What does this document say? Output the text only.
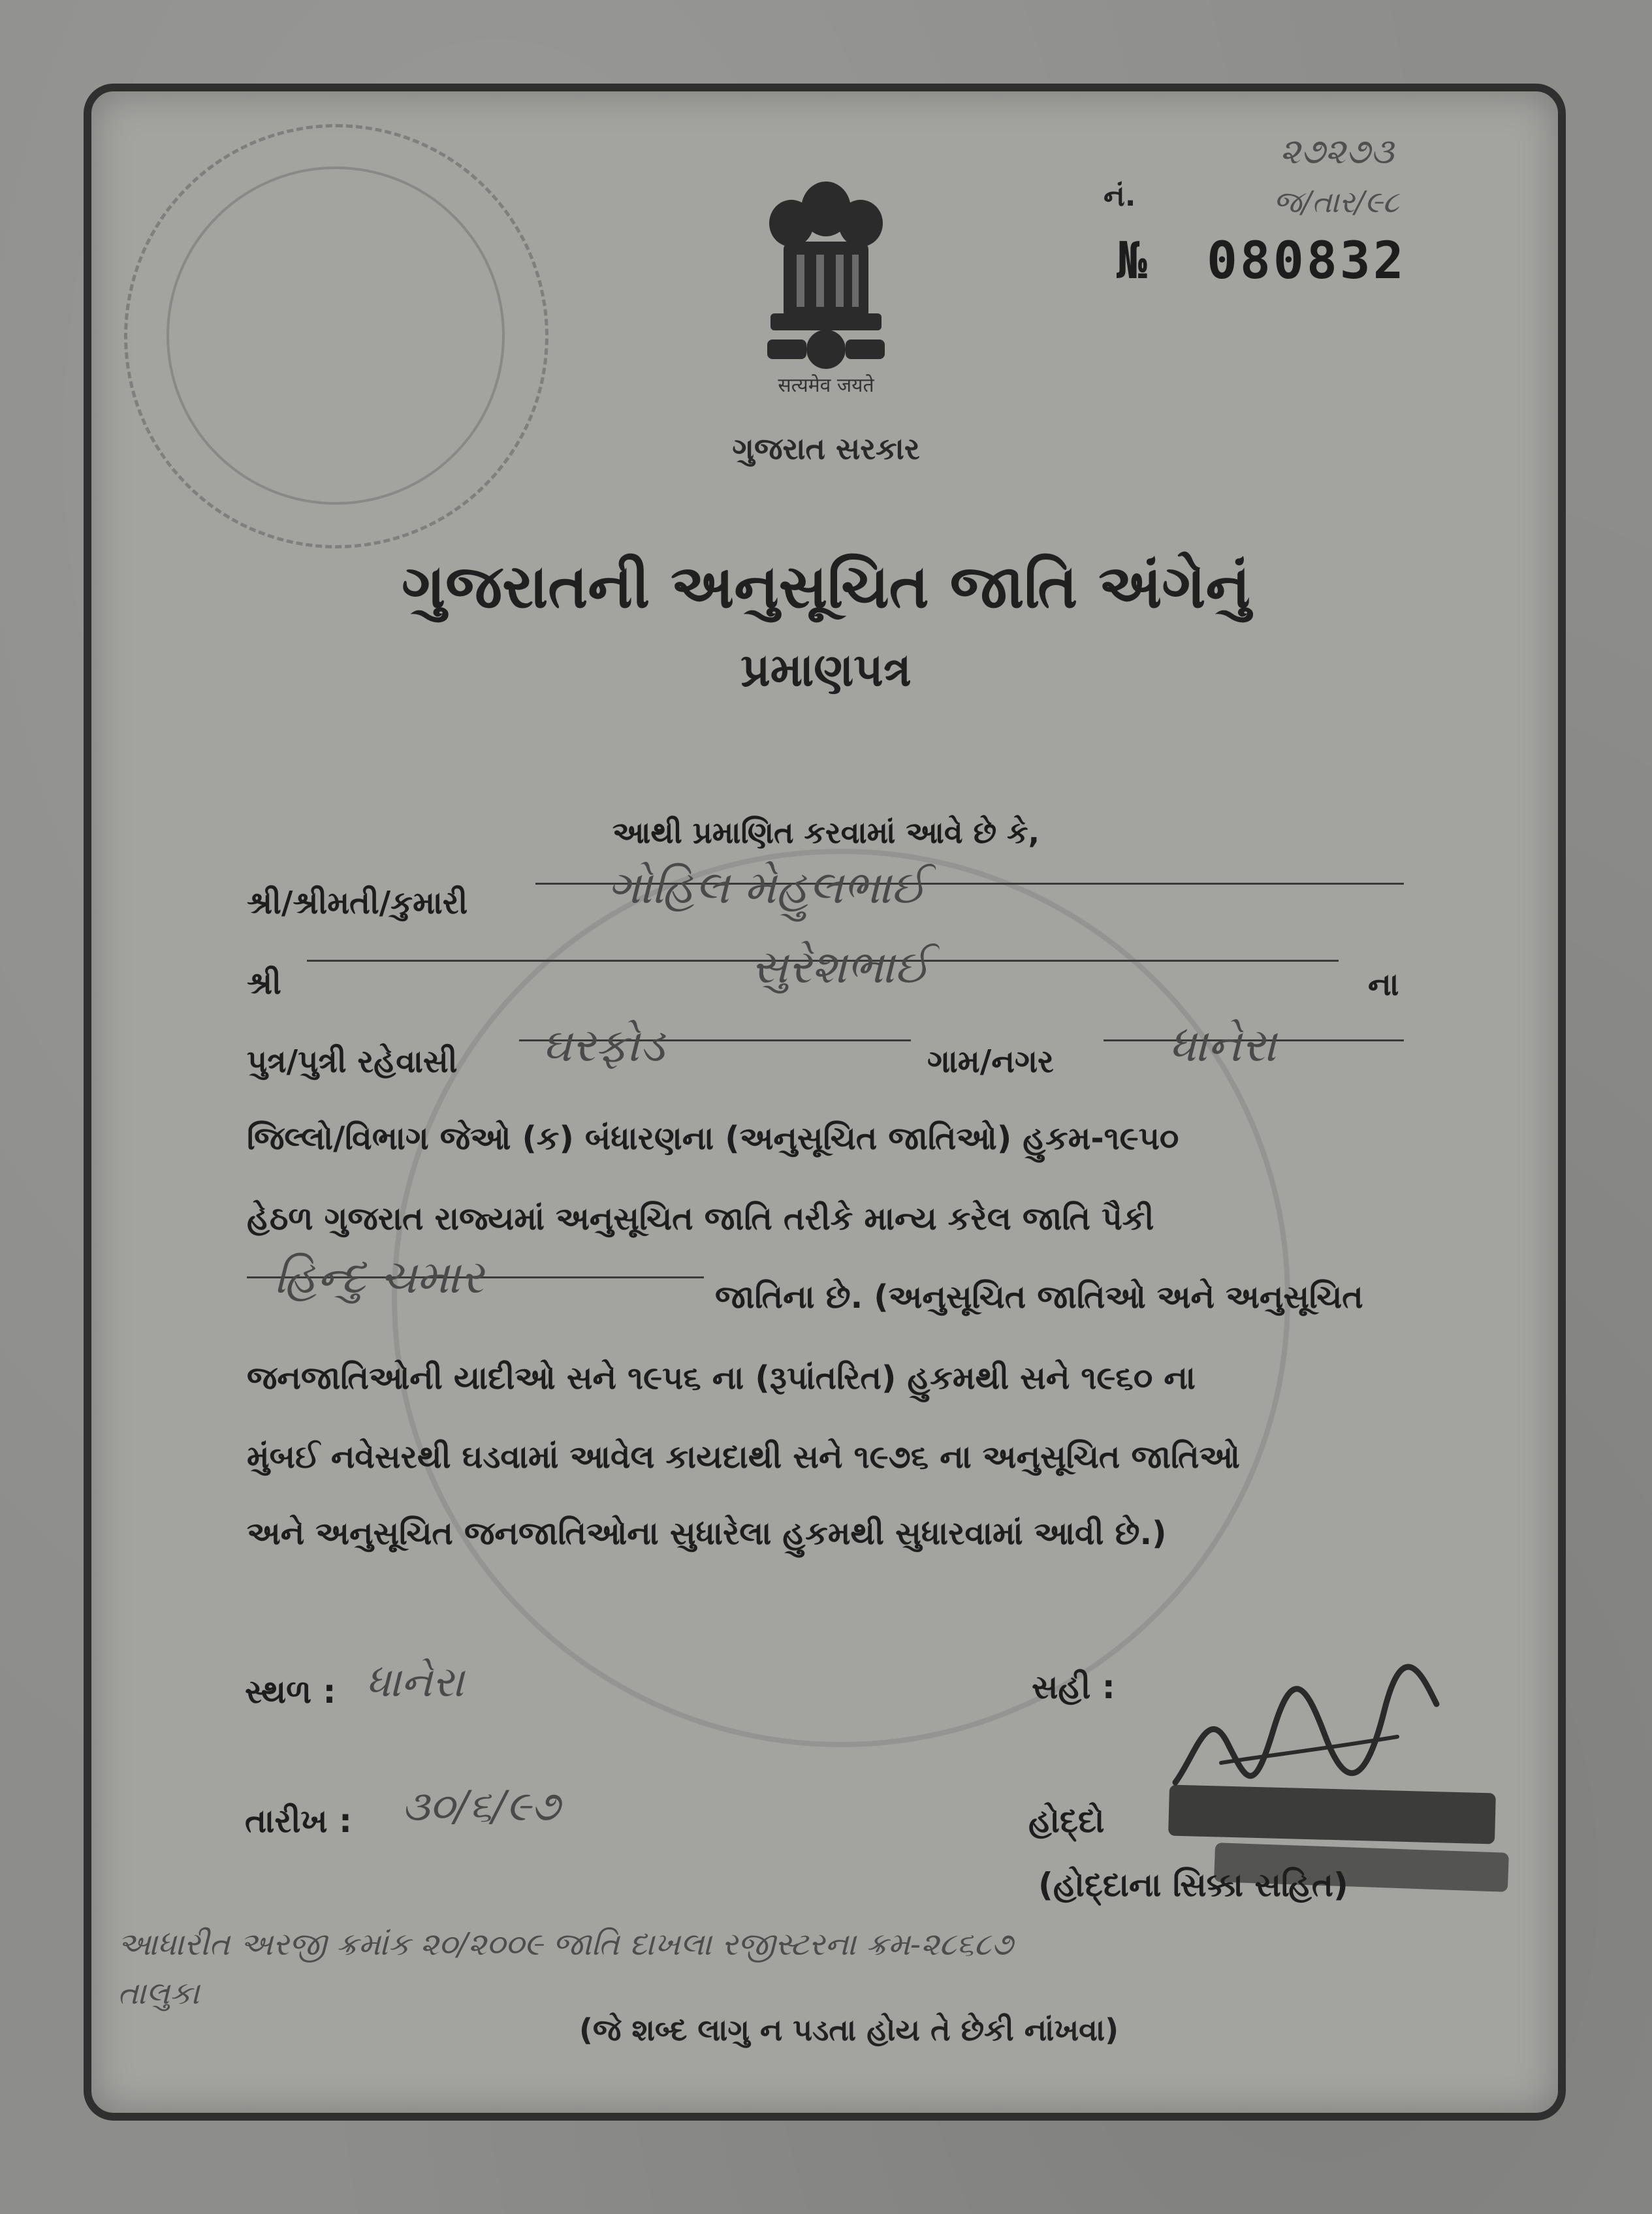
सत्यमेव जयते
ગુજરાત સરકાર
નં.
№ 080832
૨૭૨૭૩
જ/તાર/૯૮
ગુજરાતની અનુસૂચિત જાતિ અંગેનું
પ્રમાણપત્ર
આથી પ્રમાણિત કરવામાં આવે છે કે,
શ્રી/શ્રીમતી/કુમારી	ગોહિલ મેહુલભાઈ
શ્રી	સુરેશભાઈ	ના
પુત્ર/પુત્રી રહેવાસી ઘરફોડ	ગામ/નગર	ધાનેરા
જિલ્લો/વિભાગ જેઓ (ક) બંધારણના (અનુસૂચિત જાતિઓ) હુકમ-૧૯૫૦
હેઠળ ગુજરાત રાજ્યમાં અનુસૂચિત જાતિ તરીકે માન્ય કરેલ જાતિ પૈકી
હિન્દુ ચમાર	જાતિના છે. (અનુસૂચિત જાતિઓ અને અનુસૂચિત
જનજાતિઓની યાદીઓ સને ૧૯૫૬ ના (રૂપાંતરિત) હુકમથી સને ૧૯૬૦ ના
મુંબઈ નવેસરથી ઘડવામાં આવેલ કાયદાથી સને ૧૯૭૬ ના અનુસૂચિત જાતિઓ
અને અનુસૂચિત જનજાતિઓના સુધારેલા હુકમથી સુધારવામાં આવી છે.)
સ્થળ : ધાનેરા	સહી :
તારીખ : ૩૦/૬/૯૭	હોદ્દો
(હોદ્દાના સિક્કા સહિત)
આધારીત અરજી ક્રમાંક ૨૦/૨૦૦૯ જાતિ દાખલા રજીસ્ટરના ક્રમ-૨૮૬૮૭
તાલુકા
(જે શબ્દ લાગુ ન પડતા હોય તે છેકી નાંખવા)
